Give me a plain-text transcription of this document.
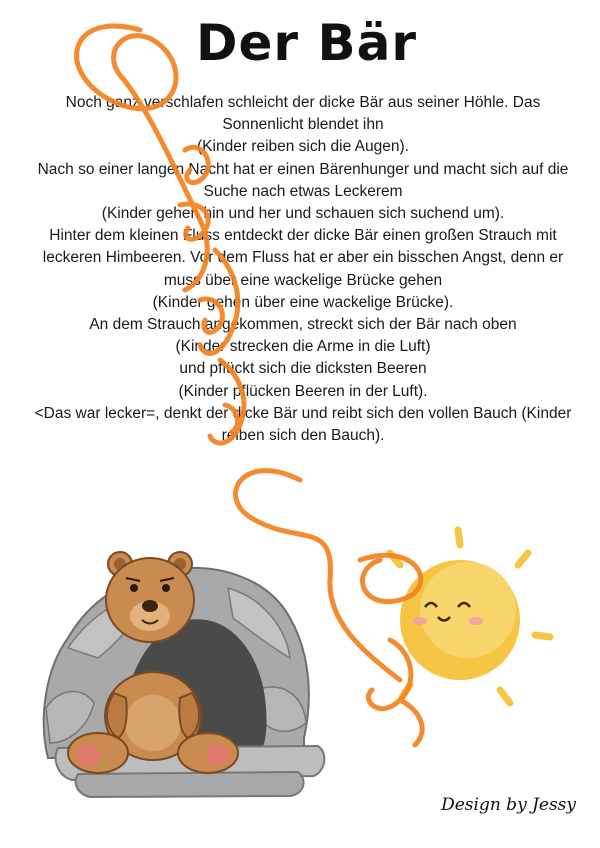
Der Bär
Noch ganz verschlafen schleicht der dicke Bär aus seiner Höhle. Das
Sonnenlicht blendet ihn
(Kinder reiben sich die Augen).
Nach so einer langen Nacht hat er einen Bärenhunger und macht sich auf die
Suche nach etwas Leckerem
(Kinder gehen hin und her und schauen sich suchend um).
Hinter dem kleinen Fluss entdeckt der dicke Bär einen großen Strauch mit
leckeren Himbeeren. Vor dem Fluss hat er aber ein bisschen Angst, denn er
muss über eine wackelige Brücke gehen
(Kinder gehen über eine wackelige Brücke).
An dem Strauch angekommen, streckt sich der Bär nach oben
(Kinder strecken die Arme in die Luft)
und pflückt sich die dicksten Beeren
(Kinder pflücken Beeren in der Luft).
<Das war lecker=, denkt der dicke Bär und reibt sich den vollen Bauch (Kinder
reiben sich den Bauch).
Design by Jessy
